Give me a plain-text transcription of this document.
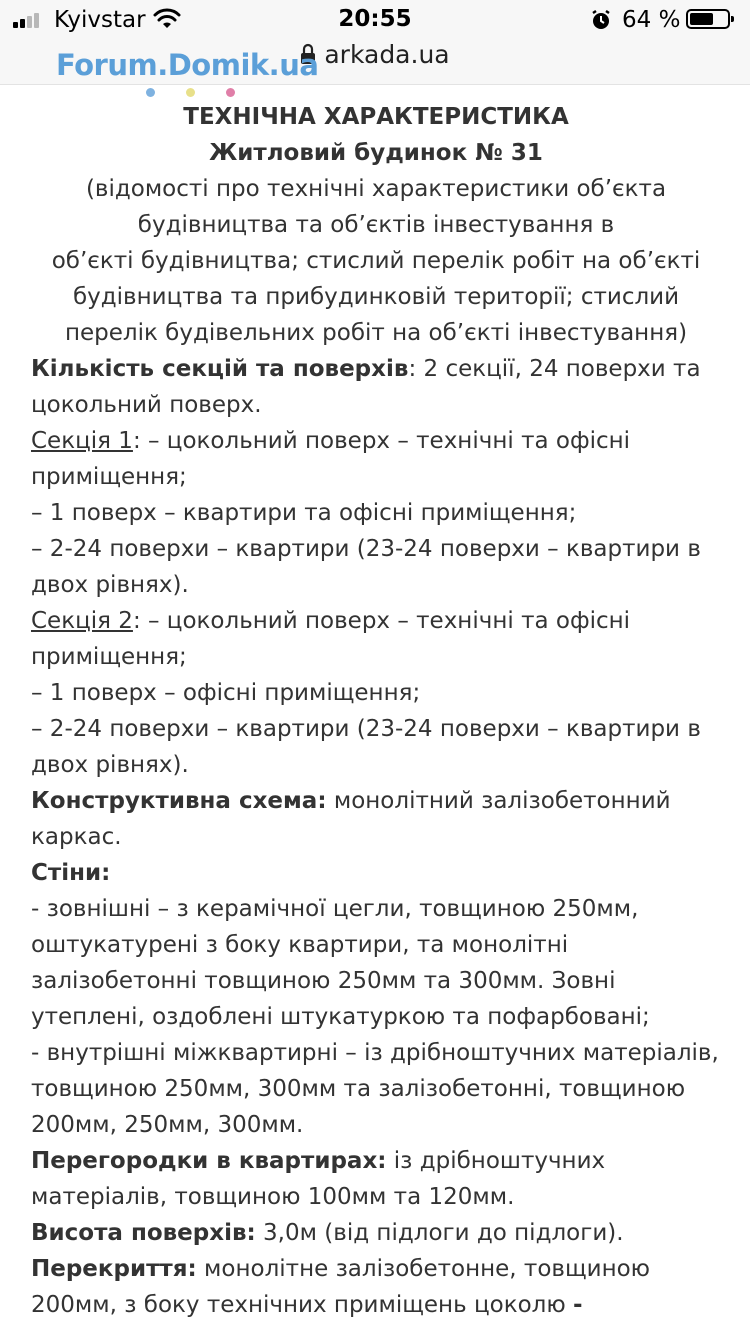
Kyivstar	20:55	64 %
arkada.ua
Forum.Domik.ua
ТЕХНІЧНА ХАРАКТЕРИСТИКА
Житловий будинок № 31
(відомості про технічні характеристики об’єкта
будівництва та об’єктів інвестування в
об’єкті будівництва; стислий перелік робіт на об’єкті
будівництва та прибудинковій території; стислий
перелік будівельних робіт на об’єкті інвестування)

Кількість секцій та поверхів: 2 секції, 24 поверхи та цокольний поверх.

Секція 1: – цокольний поверх – технічні та офісні приміщення;

– 1 поверх – квартири та офісні приміщення;

– 2-24 поверхи – квартири (23-24 поверхи – квартири в двох рівнях).

Секція 2: – цокольний поверх – технічні та офісні приміщення;

– 1 поверх – офісні приміщення;

– 2-24 поверхи – квартири (23-24 поверхи – квартири в двох рівнях).

Конструктивна схема: монолітний залізобетонний каркас.

Стіни:

- зовнішні – з керамічної цегли, товщиною 250мм, оштукатурені з боку квартири, та монолітні залізобетонні товщиною 250мм та 300мм. Зовні утеплені, оздоблені штукатуркою та пофарбовані;

- внутрішні міжквартирні – із дрібноштучних матеріалів, товщиною 250мм, 300мм та залізобетонні, товщиною 200мм, 250мм, 300мм.

Перегородки в квартирах: із дрібноштучних матеріалів, товщиною 100мм та 120мм.

Висота поверхів: 3,0м (від підлоги до підлоги).

Перекриття: монолітне залізобетонне, товщиною 200мм, з боку технічних приміщень цоколю -
